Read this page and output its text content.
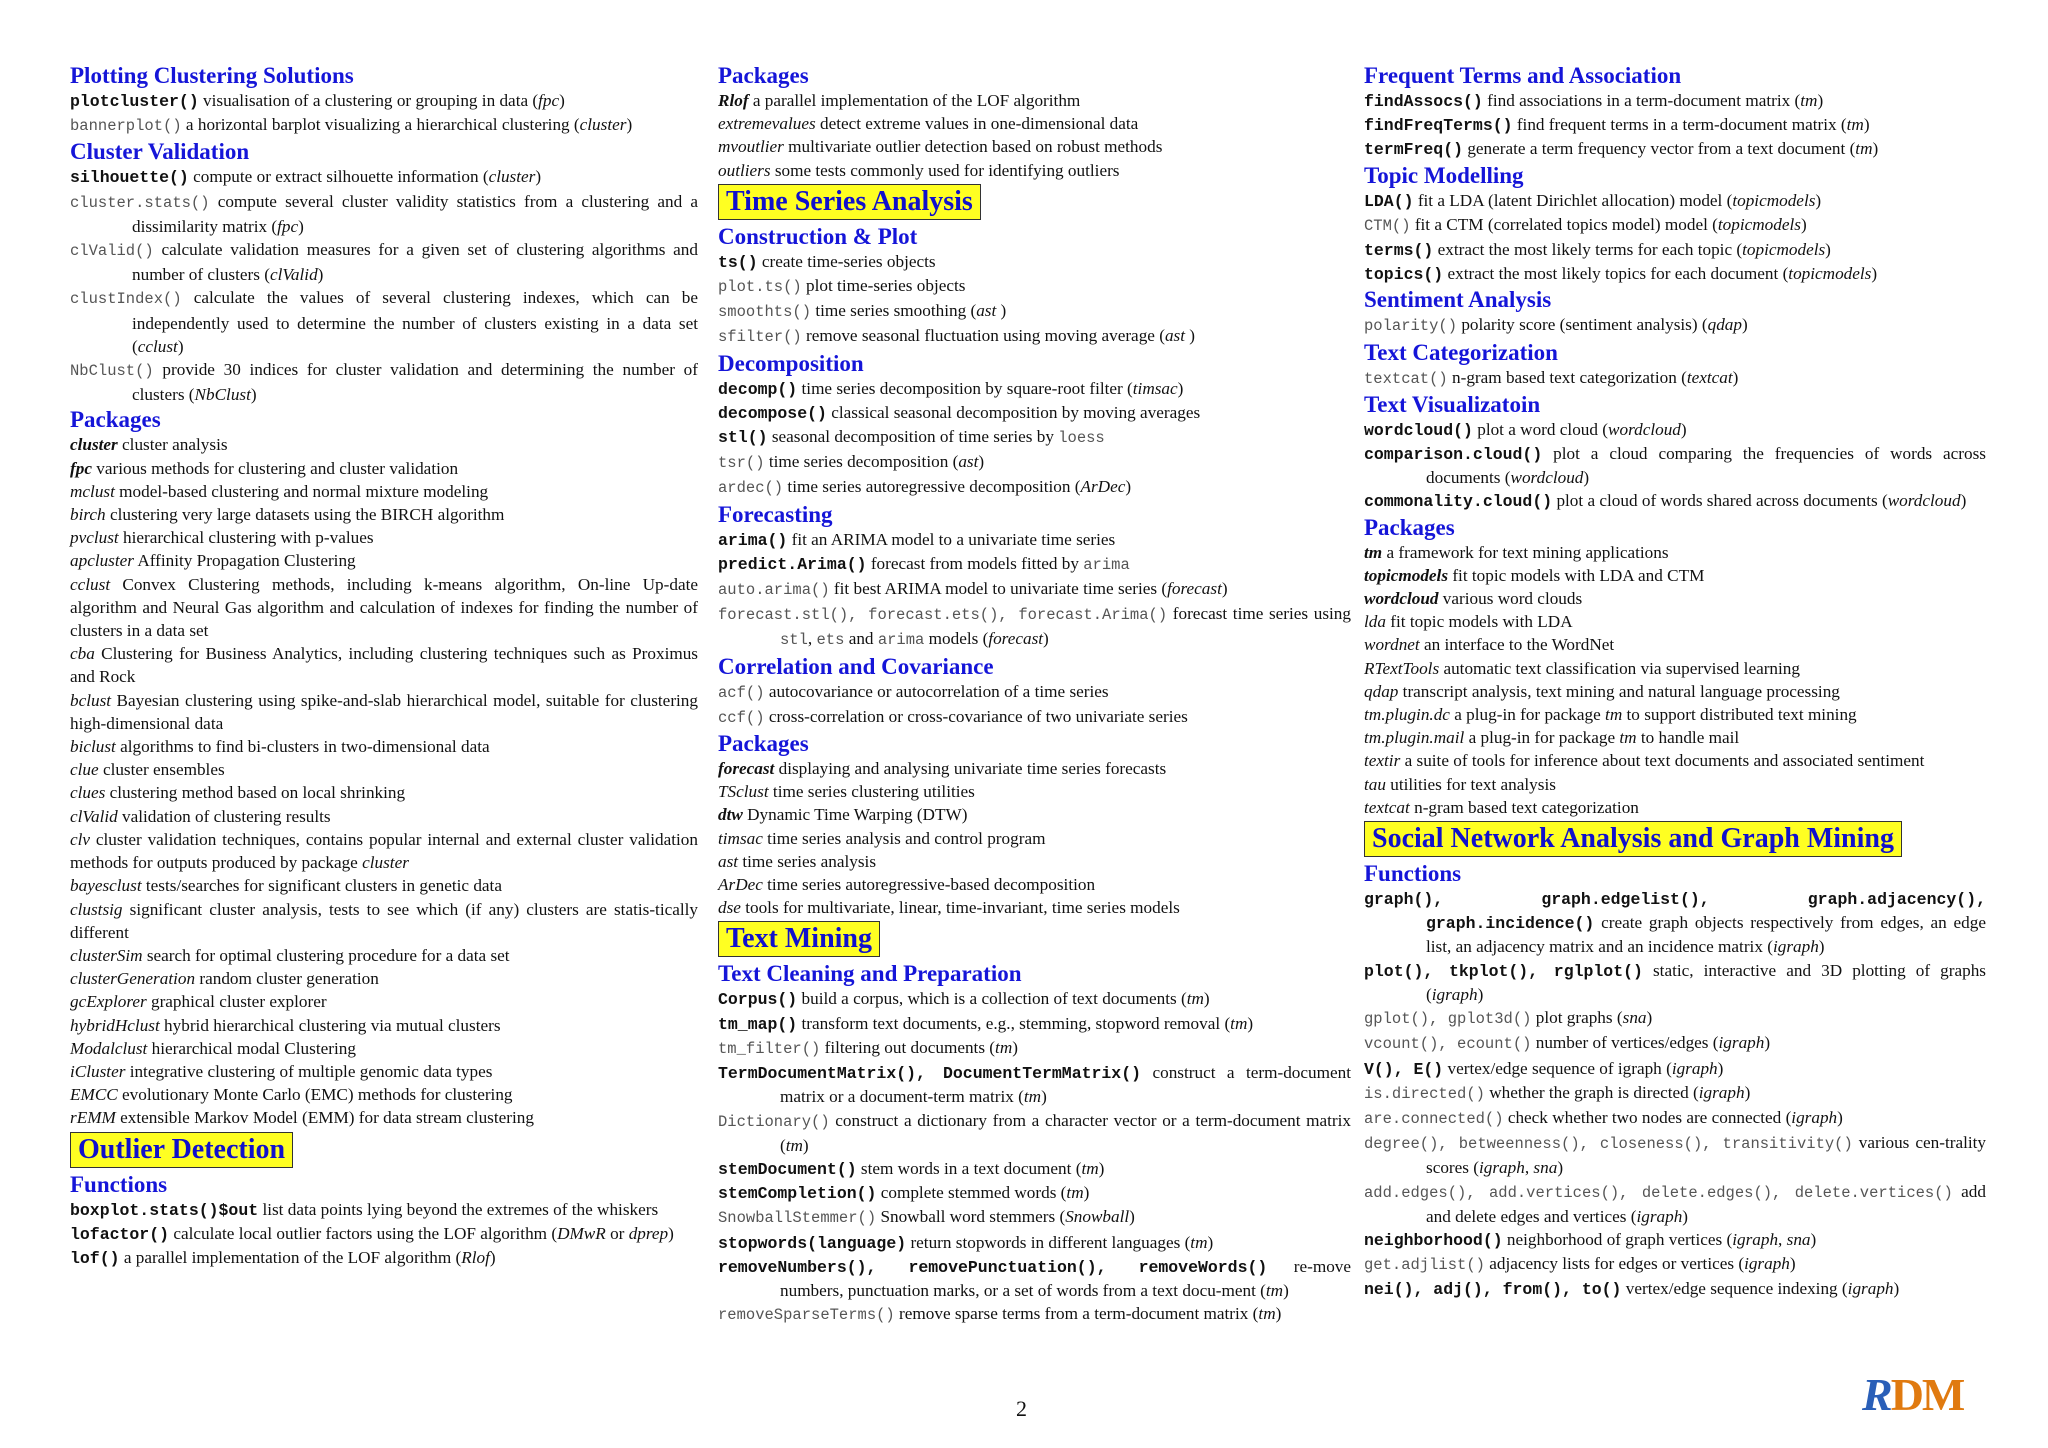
Plotting Clustering Solutions
plotcluster() visualisation of a clustering or grouping in data (fpc)
bannerplot() a horizontal barplot visualizing a hierarchical clustering (cluster)
Cluster Validation
silhouette() compute or extract silhouette information (cluster)
cluster.stats() compute several cluster validity statistics from a clustering and a dissimilarity matrix (fpc)
clValid() calculate validation measures for a given set of clustering algorithms and number of clusters (clValid)
clustIndex() calculate the values of several clustering indexes, which can be independently used to determine the number of clusters existing in a data set (cclust)
NbClust() provide 30 indices for cluster validation and determining the number of clusters (NbClust)
Packages
cluster cluster analysis
fpc various methods for clustering and cluster validation
mclust model-based clustering and normal mixture modeling
birch clustering very large datasets using the BIRCH algorithm
pvclust hierarchical clustering with p-values
apcluster Affinity Propagation Clustering
cclust Convex Clustering methods, including k-means algorithm, On-line Up-date algorithm and Neural Gas algorithm and calculation of indexes for finding the number of clusters in a data set
cba Clustering for Business Analytics, including clustering techniques such as Proximus and Rock
bclust Bayesian clustering using spike-and-slab hierarchical model, suitable for clustering high-dimensional data
biclust algorithms to find bi-clusters in two-dimensional data
clue cluster ensembles
clues clustering method based on local shrinking
clValid validation of clustering results
clv cluster validation techniques, contains popular internal and external cluster validation methods for outputs produced by package cluster
bayesclust tests/searches for significant clusters in genetic data
clustsig significant cluster analysis, tests to see which (if any) clusters are statis-tically different
clusterSim search for optimal clustering procedure for a data set
clusterGeneration random cluster generation
gcExplorer graphical cluster explorer
hybridHclust hybrid hierarchical clustering via mutual clusters
Modalclust hierarchical modal Clustering
iCluster integrative clustering of multiple genomic data types
EMCC evolutionary Monte Carlo (EMC) methods for clustering
rEMM extensible Markov Model (EMM) for data stream clustering
Outlier Detection
Functions
boxplot.stats()$out list data points lying beyond the extremes of the whiskers
lofactor() calculate local outlier factors using the LOF algorithm (DMwR or dprep)
lof() a parallel implementation of the LOF algorithm (Rlof)
Packages
Rlof a parallel implementation of the LOF algorithm
extremevalues detect extreme values in one-dimensional data
mvoutlier multivariate outlier detection based on robust methods
outliers some tests commonly used for identifying outliers
Time Series Analysis
Construction & Plot
ts() create time-series objects
plot.ts() plot time-series objects
smoothts() time series smoothing (ast )
sfilter() remove seasonal fluctuation using moving average (ast )
Decomposition
decomp() time series decomposition by square-root filter (timsac)
decompose() classical seasonal decomposition by moving averages
stl() seasonal decomposition of time series by loess
tsr() time series decomposition (ast)
ardec() time series autoregressive decomposition (ArDec)
Forecasting
arima() fit an ARIMA model to a univariate time series
predict.Arima() forecast from models fitted by arima
auto.arima() fit best ARIMA model to univariate time series (forecast)
forecast.stl(), forecast.ets(), forecast.Arima() forecast time series using stl, ets and arima models (forecast)
Correlation and Covariance
acf() autocovariance or autocorrelation of a time series
ccf() cross-correlation or cross-covariance of two univariate series
Packages
forecast displaying and analysing univariate time series forecasts
TSclust time series clustering utilities
dtw Dynamic Time Warping (DTW)
timsac time series analysis and control program
ast time series analysis
ArDec time series autoregressive-based decomposition
dse tools for multivariate, linear, time-invariant, time series models
Text Mining
Text Cleaning and Preparation
Corpus() build a corpus, which is a collection of text documents (tm)
tm_map() transform text documents, e.g., stemming, stopword removal (tm)
tm_filter() filtering out documents (tm)
TermDocumentMatrix(), DocumentTermMatrix() construct a term-document matrix or a document-term matrix (tm)
Dictionary() construct a dictionary from a character vector or a term-document matrix (tm)
stemDocument() stem words in a text document (tm)
stemCompletion() complete stemmed words (tm)
SnowballStemmer() Snowball word stemmers (Snowball)
stopwords(language) return stopwords in different languages (tm)
removeNumbers(), removePunctuation(), removeWords() re-move numbers, punctuation marks, or a set of words from a text docu-ment (tm)
removeSparseTerms() remove sparse terms from a term-document matrix (tm)
Frequent Terms and Association
findAssocs() find associations in a term-document matrix (tm)
findFreqTerms() find frequent terms in a term-document matrix (tm)
termFreq() generate a term frequency vector from a text document (tm)
Topic Modelling
LDA() fit a LDA (latent Dirichlet allocation) model (topicmodels)
CTM() fit a CTM (correlated topics model) model (topicmodels)
terms() extract the most likely terms for each topic (topicmodels)
topics() extract the most likely topics for each document (topicmodels)
Sentiment Analysis
polarity() polarity score (sentiment analysis) (qdap)
Text Categorization
textcat() n-gram based text categorization (textcat)
Text Visualizatoin
wordcloud() plot a word cloud (wordcloud)
comparison.cloud() plot a cloud comparing the frequencies of words across documents (wordcloud)
commonality.cloud() plot a cloud of words shared across documents (wordcloud)
Packages
tm a framework for text mining applications
topicmodels fit topic models with LDA and CTM
wordcloud various word clouds
lda fit topic models with LDA
wordnet an interface to the WordNet
RTextTools automatic text classification via supervised learning
qdap transcript analysis, text mining and natural language processing
tm.plugin.dc a plug-in for package tm to support distributed text mining
tm.plugin.mail a plug-in for package tm to handle mail
textir a suite of tools for inference about text documents and associated sentiment
tau utilities for text analysis
textcat n-gram based text categorization
Social Network Analysis and Graph Mining
Functions
graph(), graph.edgelist(), graph.adjacency(), graph.incidence() create graph objects respectively from edges, an edge list, an adjacency matrix and an incidence matrix (igraph)
plot(), tkplot(), rglplot() static, interactive and 3D plotting of graphs (igraph)
gplot(), gplot3d() plot graphs (sna)
vcount(), ecount() number of vertices/edges (igraph)
V(), E() vertex/edge sequence of igraph (igraph)
is.directed() whether the graph is directed (igraph)
are.connected() check whether two nodes are connected (igraph)
degree(), betweenness(), closeness(), transitivity() various cen-trality scores (igraph, sna)
add.edges(), add.vertices(), delete.edges(), delete.vertices() add and delete edges and vertices (igraph)
neighborhood() neighborhood of graph vertices (igraph, sna)
get.adjlist() adjacency lists for edges or vertices (igraph)
nei(), adj(), from(), to() vertex/edge sequence indexing (igraph)
2	RDM
